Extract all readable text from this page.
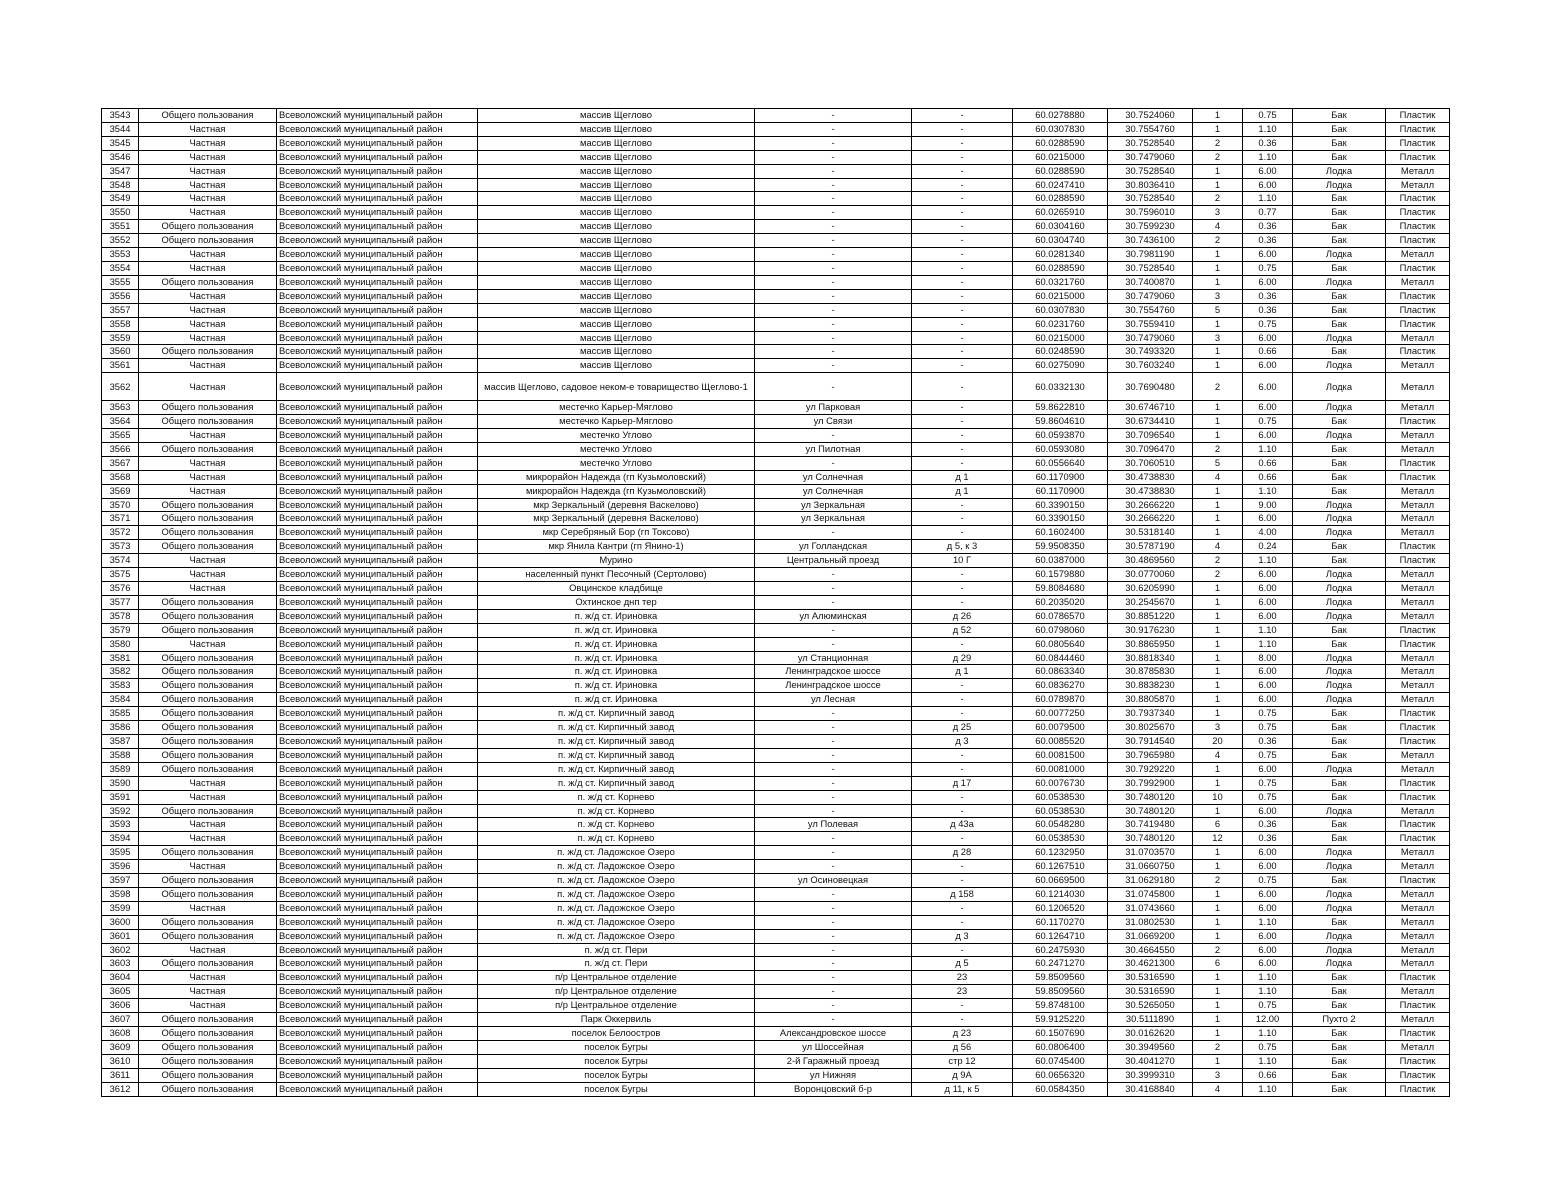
3543	Общего пользования	Всеволожский муниципальный район	массив Щеглово	-	-	60.0278880	30.7524060	1	0.75	Бак	Пластик
3544	Частная	Всеволожский муниципальный район	массив Щеглово	-	-	60.0307830	30.7554760	1	1.10	Бак	Пластик
3545	Частная	Всеволожский муниципальный район	массив Щеглово	-	-	60.0288590	30.7528540	2	0.36	Бак	Пластик
3546	Частная	Всеволожский муниципальный район	массив Щеглово	-	-	60.0215000	30.7479060	2	1.10	Бак	Пластик
3547	Частная	Всеволожский муниципальный район	массив Щеглово	-	-	60.0288590	30.7528540	1	6.00	Лодка	Металл
3548	Частная	Всеволожский муниципальный район	массив Щеглово	-	-	60.0247410	30.8036410	1	6.00	Лодка	Металл
3549	Частная	Всеволожский муниципальный район	массив Щеглово	-	-	60.0288590	30.7528540	2	1.10	Бак	Пластик
3550	Частная	Всеволожский муниципальный район	массив Щеглово	-	-	60.0265910	30.7596010	3	0.77	Бак	Пластик
3551	Общего пользования	Всеволожский муниципальный район	массив Щеглово	-	-	60.0304160	30.7599230	4	0.36	Бак	Пластик
3552	Общего пользования	Всеволожский муниципальный район	массив Щеглово	-	-	60.0304740	30.7436100	2	0.36	Бак	Пластик
3553	Частная	Всеволожский муниципальный район	массив Щеглово	-	-	60.0281340	30.7981190	1	6.00	Лодка	Металл
3554	Частная	Всеволожский муниципальный район	массив Щеглово	-	-	60.0288590	30.7528540	1	0.75	Бак	Пластик
3555	Общего пользования	Всеволожский муниципальный район	массив Щеглово	-	-	60.0321760	30.7400870	1	6.00	Лодка	Металл
3556	Частная	Всеволожский муниципальный район	массив Щеглово	-	-	60.0215000	30.7479060	3	0.36	Бак	Пластик
3557	Частная	Всеволожский муниципальный район	массив Щеглово	-	-	60.0307830	30.7554760	5	0.36	Бак	Пластик
3558	Частная	Всеволожский муниципальный район	массив Щеглово	-	-	60.0231760	30.7559410	1	0.75	Бак	Пластик
3559	Частная	Всеволожский муниципальный район	массив Щеглово	-	-	60.0215000	30.7479060	3	6.00	Лодка	Металл
3560	Общего пользования	Всеволожский муниципальный район	массив Щеглово	-	-	60.0248590	30.7493320	1	0.66	Бак	Пластик
3561	Частная	Всеволожский муниципальный район	массив Щеглово	-	-	60.0275090	30.7603240	1	6.00	Лодка	Металл
3562	Частная	Всеволожский муниципальный район	массив Щеглово, садовое неком-е товарищество Щеглово-1	-	-	60.0332130	30.7690480	2	6.00	Лодка	Металл
3563	Общего пользования	Всеволожский муниципальный район	местечко Карьер-Мяглово	ул Парковая	-	59.8622810	30.6746710	1	6.00	Лодка	Металл
3564	Общего пользования	Всеволожский муниципальный район	местечко Карьер-Мяглово	ул Связи	-	59.8604610	30.6734410	1	0.75	Бак	Пластик
3565	Частная	Всеволожский муниципальный район	местечко Углово	-	-	60.0593870	30.7096540	1	6.00	Лодка	Металл
3566	Общего пользования	Всеволожский муниципальный район	местечко Углово	ул Пилотная	-	60.0593080	30.7096470	2	1.10	Бак	Металл
3567	Частная	Всеволожский муниципальный район	местечко Углово	-	-	60.0556640	30.7060510	5	0.66	Бак	Пластик
3568	Частная	Всеволожский муниципальный район	микрорайон Надежда (гп Кузьмоловский)	ул Солнечная	д 1	60.1170900	30.4738830	4	0.66	Бак	Пластик
3569	Частная	Всеволожский муниципальный район	микрорайон Надежда (гп Кузьмоловский)	ул Солнечная	д 1	60.1170900	30.4738830	1	1.10	Бак	Металл
3570	Общего пользования	Всеволожский муниципальный район	мкр Зеркальный (деревня Васкелово)	ул Зеркальная	-	60.3390150	30.2666220	1	9.00	Лодка	Металл
3571	Общего пользования	Всеволожский муниципальный район	мкр Зеркальный (деревня Васкелово)	ул Зеркальная	-	60.3390150	30.2666220	1	6.00	Лодка	Металл
3572	Общего пользования	Всеволожский муниципальный район	мкр Серебряный Бор (гп Токсово)	-	-	60.1602400	30.5318140	1	4.00	Лодка	Металл
3573	Общего пользования	Всеволожский муниципальный район	мкр Янила Кантри (гп Янино-1)	ул Голландская	д 5, к 3	59.9508350	30.5787190	4	0.24	Бак	Пластик
3574	Частная	Всеволожский муниципальный район	Мурино	Центральный проезд	10 Г	60.0387000	30.4869560	2	1.10	Бак	Пластик
3575	Частная	Всеволожский муниципальный район	населенный пункт Песочный (Сертолово)	-	-	60.1579880	30.0770060	2	6.00	Лодка	Металл
3576	Частная	Всеволожский муниципальный район	Овцинское кладбище	-	-	59.8084680	30.6205990	1	6.00	Лодка	Металл
3577	Общего пользования	Всеволожский муниципальный район	Охтинское днп тер	-	-	60.2035020	30.2545670	1	6.00	Лодка	Металл
3578	Общего пользования	Всеволожский муниципальный район	п. ж/д ст. Ириновка	ул Алюминская	д 26	60.0786570	30.8851220	1	6.00	Лодка	Металл
3579	Общего пользования	Всеволожский муниципальный район	п. ж/д ст. Ириновка	-	д 52	60.0798060	30.9176230	1	1.10	Бак	Пластик
3580	Частная	Всеволожский муниципальный район	п. ж/д ст. Ириновка	-	-	60.0805640	30.8865950	1	1.10	Бак	Пластик
3581	Общего пользования	Всеволожский муниципальный район	п. ж/д ст. Ириновка	ул Станционная	д 29	60.0844460	30.8818340	1	8.00	Лодка	Металл
3582	Общего пользования	Всеволожский муниципальный район	п. ж/д ст. Ириновка	Ленинградское шоссе	д 1	60.0863340	30.8785830	1	6.00	Лодка	Металл
3583	Общего пользования	Всеволожский муниципальный район	п. ж/д ст. Ириновка	Ленинградское шоссе	-	60.0836270	30.8838230	1	6.00	Лодка	Металл
3584	Общего пользования	Всеволожский муниципальный район	п. ж/д ст. Ириновка	ул Лесная	-	60.0789870	30.8805870	1	6.00	Лодка	Металл
3585	Общего пользования	Всеволожский муниципальный район	п. ж/д ст. Кирпичный завод	-	-	60.0077250	30.7937340	1	0.75	Бак	Пластик
3586	Общего пользования	Всеволожский муниципальный район	п. ж/д ст. Кирпичный завод	-	д 25	60.0079500	30.8025670	3	0.75	Бак	Пластик
3587	Общего пользования	Всеволожский муниципальный район	п. ж/д ст. Кирпичный завод	-	д 3	60.0085520	30.7914540	20	0.36	Бак	Пластик
3588	Общего пользования	Всеволожский муниципальный район	п. ж/д ст. Кирпичный завод	-	-	60.0081500	30.7965980	4	0.75	Бак	Металл
3589	Общего пользования	Всеволожский муниципальный район	п. ж/д ст. Кирпичный завод	-	-	60.0081000	30.7929220	1	6.00	Лодка	Металл
3590	Частная	Всеволожский муниципальный район	п. ж/д ст. Кирпичный завод	-	д 17	60.0076730	30.7992900	1	0.75	Бак	Пластик
3591	Частная	Всеволожский муниципальный район	п. ж/д ст. Корнево	-	-	60.0538530	30.7480120	10	0.75	Бак	Пластик
3592	Общего пользования	Всеволожский муниципальный район	п. ж/д ст. Корнево	-	-	60.0538530	30.7480120	1	6.00	Лодка	Металл
3593	Частная	Всеволожский муниципальный район	п. ж/д ст. Корнево	ул Полевая	д 43а	60.0548280	30.7419480	6	0.36	Бак	Пластик
3594	Частная	Всеволожский муниципальный район	п. ж/д ст. Корнево	-	-	60.0538530	30.7480120	12	0.36	Бак	Пластик
3595	Общего пользования	Всеволожский муниципальный район	п. ж/д ст. Ладожское Озеро	-	д 28	60.1232950	31.0703570	1	6.00	Лодка	Металл
3596	Частная	Всеволожский муниципальный район	п. ж/д ст. Ладожское Озеро	-	-	60.1267510	31.0660750	1	6.00	Лодка	Металл
3597	Общего пользования	Всеволожский муниципальный район	п. ж/д ст. Ладожское Озеро	ул Осиновецкая	-	60.0669500	31.0629180	2	0.75	Бак	Пластик
3598	Общего пользования	Всеволожский муниципальный район	п. ж/д ст. Ладожское Озеро	-	д 158	60.1214030	31.0745800	1	6.00	Лодка	Металл
3599	Частная	Всеволожский муниципальный район	п. ж/д ст. Ладожское Озеро	-	-	60.1206520	31.0743660	1	6.00	Лодка	Металл
3600	Общего пользования	Всеволожский муниципальный район	п. ж/д ст. Ладожское Озеро	-	-	60.1170270	31.0802530	1	1.10	Бак	Металл
3601	Общего пользования	Всеволожский муниципальный район	п. ж/д ст. Ладожское Озеро	-	д 3	60.1264710	31.0669200	1	6.00	Лодка	Металл
3602	Частная	Всеволожский муниципальный район	п. ж/д ст. Пери	-	-	60.2475930	30.4664550	2	6.00	Лодка	Металл
3603	Общего пользования	Всеволожский муниципальный район	п. ж/д ст. Пери	-	д 5	60.2471270	30.4621300	6	6.00	Лодка	Металл
3604	Частная	Всеволожский муниципальный район	п/р Центральное отделение	-	23	59.8509560	30.5316590	1	1.10	Бак	Пластик
3605	Частная	Всеволожский муниципальный район	п/р Центральное отделение	-	23	59.8509560	30.5316590	1	1.10	Бак	Металл
3606	Частная	Всеволожский муниципальный район	п/р Центральное отделение	-	-	59.8748100	30.5265050	1	0.75	Бак	Пластик
3607	Общего пользования	Всеволожский муниципальный район	Парк Оккервиль	-	-	59.9125220	30.5111890	1	12.00	Пухто 2	Металл
3608	Общего пользования	Всеволожский муниципальный район	поселок Белоостров	Александровское шоссе	д 23	60.1507690	30.0162620	1	1.10	Бак	Пластик
3609	Общего пользования	Всеволожский муниципальный район	поселок Бугры	ул Шоссейная	д 56	60.0806400	30.3949560	2	0.75	Бак	Металл
3610	Общего пользования	Всеволожский муниципальный район	поселок Бугры	2-й Гаражный проезд	стр 12	60.0745400	30.4041270	1	1.10	Бак	Пластик
3611	Общего пользования	Всеволожский муниципальный район	поселок Бугры	ул Нижняя	д 9А	60.0656320	30.3999310	3	0.66	Бак	Пластик
3612	Общего пользования	Всеволожский муниципальный район	поселок Бугры	Воронцовский б-р	д 11, к 5	60.0584350	30.4168840	4	1.10	Бак	Пластик
